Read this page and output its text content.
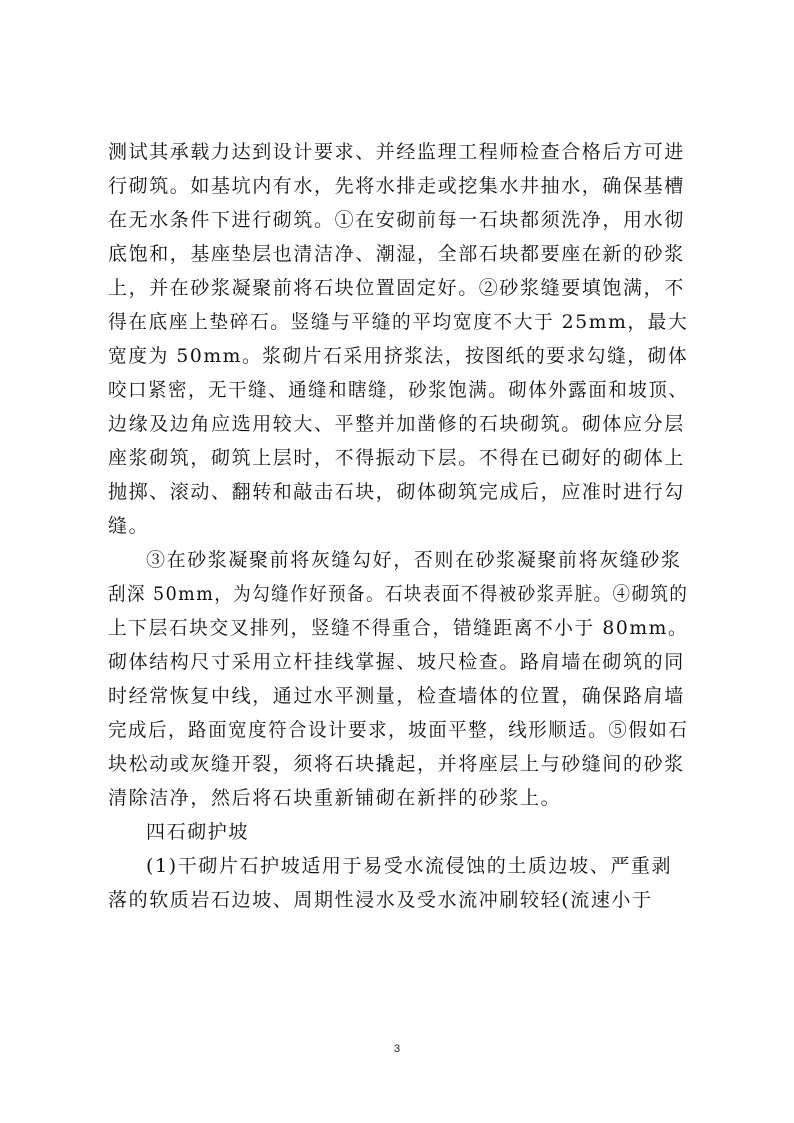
测试其承载力达到设计要求、并经监理工程师检查合格后方可进
行砌筑。如基坑内有水，先将水排走或挖集水井抽水，确保基槽
在无水条件下进行砌筑。①在安砌前每一石块都须洗净，用水彻
底饱和，基座垫层也清洁净、潮湿，全部石块都要座在新的砂浆
上，并在砂浆凝聚前将石块位置固定好。②砂浆缝要填饱满，不
得在底座上垫碎石。竖缝与平缝的平均宽度不大于 25mm，最大
宽度为 50mm。浆砌片石采用挤浆法，按图纸的要求勾缝，砌体
咬口紧密，无干缝、通缝和瞎缝，砂浆饱满。砌体外露面和坡顶、
边缘及边角应选用较大、平整并加凿修的石块砌筑。砌体应分层
座浆砌筑，砌筑上层时，不得振动下层。不得在已砌好的砌体上
抛掷、滚动、翻转和敲击石块，砌体砌筑完成后，应准时进行勾
缝。
③在砂浆凝聚前将灰缝勾好，否则在砂浆凝聚前将灰缝砂浆
刮深 50mm，为勾缝作好预备。石块表面不得被砂浆弄脏。④砌筑的
上下层石块交叉排列，竖缝不得重合，错缝距离不小于 80mm。
砌体结构尺寸采用立杆挂线掌握、坡尺检查。路肩墙在砌筑的同
时经常恢复中线，通过水平测量，检查墙体的位置，确保路肩墙
完成后，路面宽度符合设计要求，坡面平整，线形顺适。⑤假如石
块松动或灰缝开裂，须将石块撬起，并将座层上与砂缝间的砂浆
清除洁净，然后将石块重新铺砌在新拌的砂浆上。
四石砌护坡
(1)干砌片石护坡适用于易受水流侵蚀的土质边坡、严重剥
落的软质岩石边坡、周期性浸水及受水流冲刷较轻(流速小于
3
